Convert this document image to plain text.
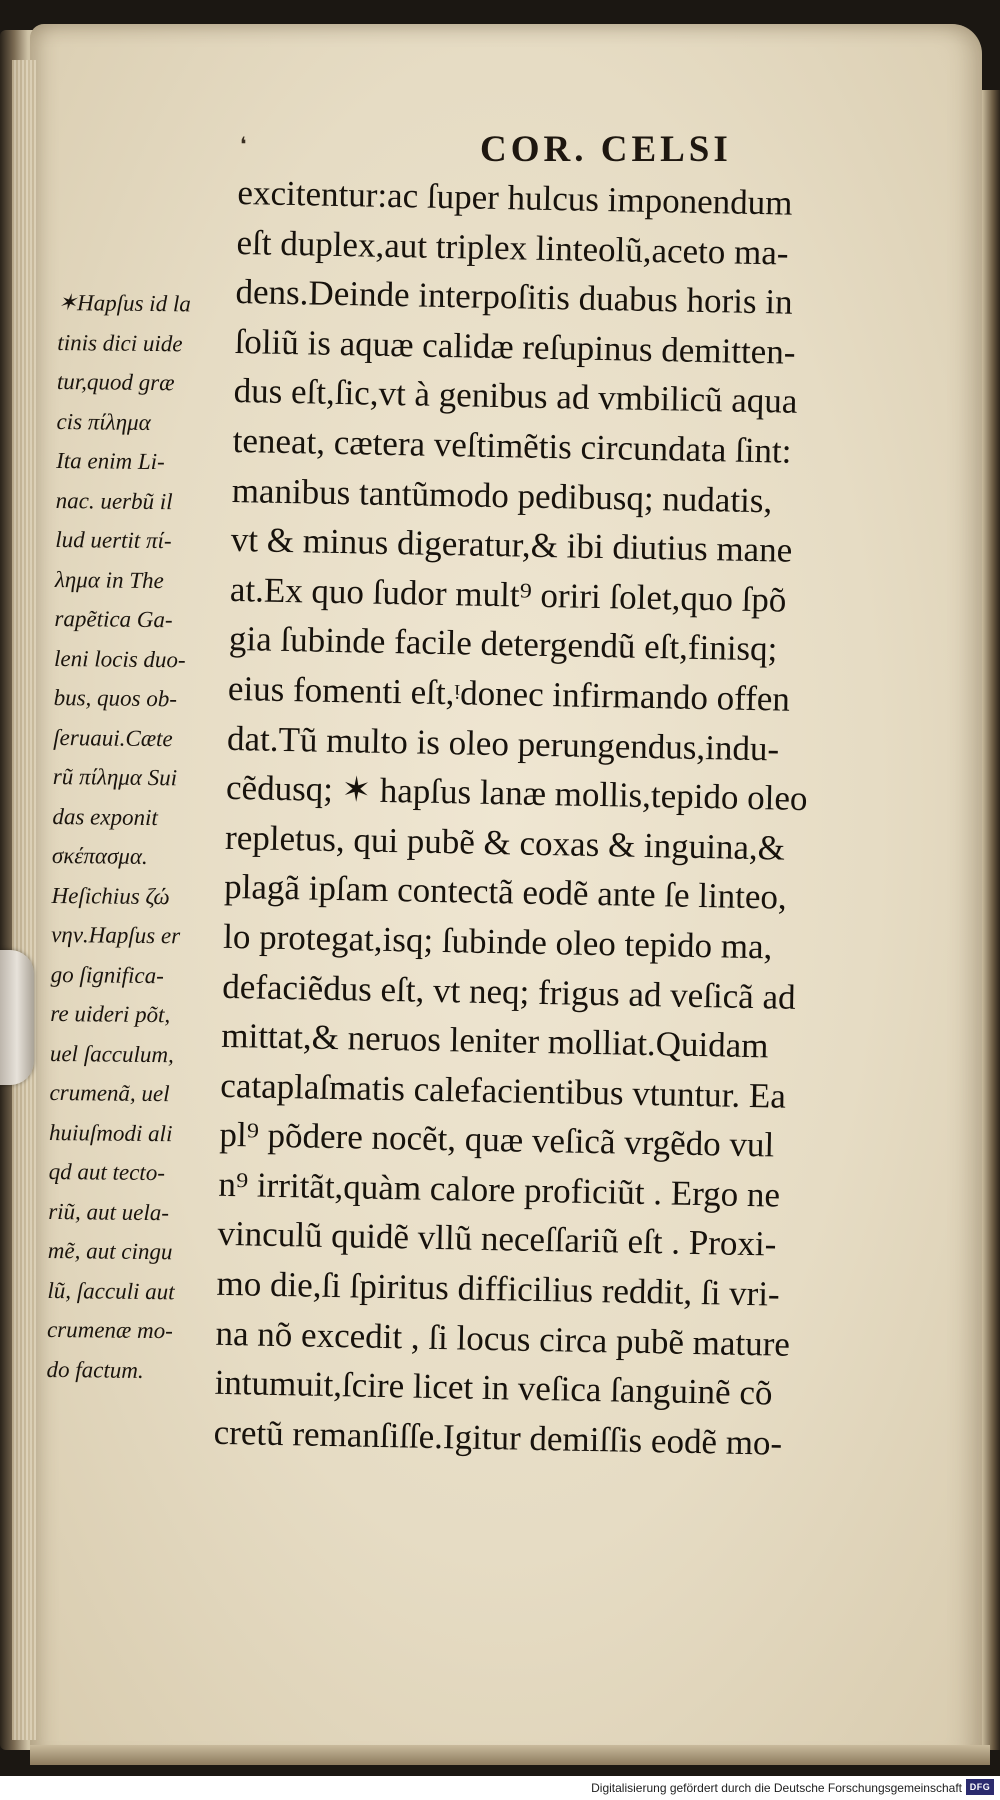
❛	COR. CELSI
excitentur:ac ſuper hulcus imponendum
eſt duplex,aut triplex linteolũ,aceto ma-
dens.Deinde interpoſitis duabus horis in
ſoliũ is aquæ calidæ reſupinus demitten-
dus eſt,ſic,vt à genibus ad vmbilicũ aqua
teneat, cætera veſtimẽtis circundata ſint:
manibus tantũmodo pedibusq; nudatis,
vt & minus digeratur,& ibi diutius mane
at.Ex quo ſudor mult⁹ oriri ſolet,quo ſpõ
gia ſubinde facile detergendũ eſt,finisq;
eius fomenti eſt,ᵎdonec infirmando offen
dat.Tũ multo is oleo perungendus,indu-
cẽdusq; ✶ hapſus lanæ mollis,tepido oleo
repletus, qui pubẽ & coxas & inguina,&
plagã ipſam contectã eodẽ ante ſe linteo,
lo protegat,isq; ſubinde oleo tepido ma,
defaciẽdus eſt, vt neq; frigus ad veſicã ad
mittat,& neruos leniter molliat.Quidam
cataplaſmatis calefacientibus vtuntur. Ea
pl⁹ põdere nocẽt, quæ veſicã vrgẽdo vul
n⁹ irritãt,quàm calore proficiũt . Ergo ne
vinculũ quidẽ vllũ neceſſariũ eſt . Proxi-
mo die,ſi ſpiritus difficilius reddit, ſi vri-
na nõ excedit , ſi locus circa pubẽ mature
intumuit,ſcire licet in veſica ſanguinẽ cõ
cretũ remanſiſſe.Igitur demiſſis eodẽ mo-
✶Hapſus id la
tinis dici uide
tur,quod græ
cis πίλημα
Ita enim Li-
nac. uerbũ il
lud uertit πί-
λημα in The
rapẽtica Ga-
leni locis duo-
bus, quos ob-
ſeruaui.Cæte
rũ πίλημα Sui
das exponit
σκέπασμα.
Heſichius ζώ
νην.Hapſus er
go ſignifica-
re uideri põt,
uel ſacculum,
crumenã, uel
huiuſmodi ali
qd aut tecto-
riũ, aut uela-
mẽ, aut cingu
lũ, ſacculi aut
crumenæ mo-
do factum.
Digitalisierung gefördert durch die Deutsche Forschungsgemeinschaft DFG
